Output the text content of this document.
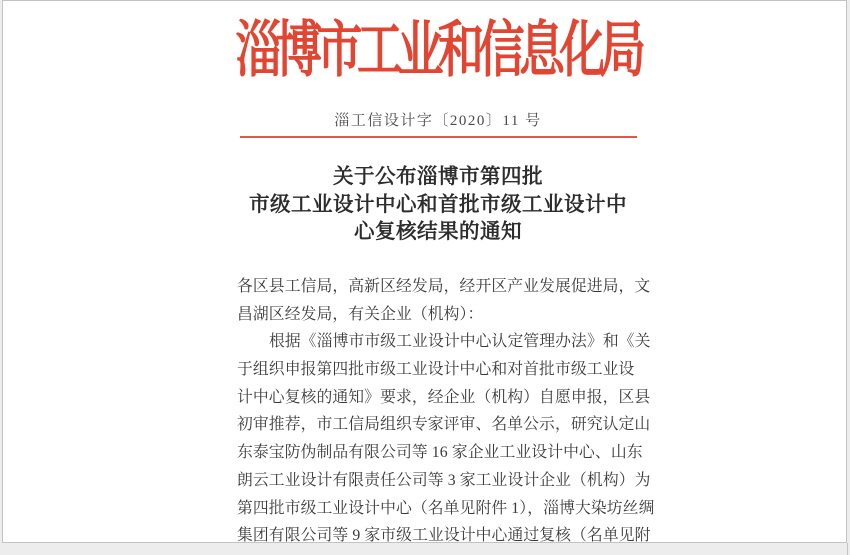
淄博市工业和信息化局
淄工信设计字〔2020〕11 号
关于公布淄博市第四批
市级工业设计中心和首批市级工业设计中
心复核结果的通知
各区县工信局，高新区经发局，经开区产业发展促进局，文
昌湖区经发局，有关企业（机构）：
根据《淄博市市级工业设计中心认定管理办法》和《关
于组织申报第四批市级工业设计中心和对首批市级工业设
计中心复核的通知》要求，经企业（机构）自愿申报，区县
初审推荐，市工信局组织专家评审、名单公示，研究认定山
东泰宝防伪制品有限公司等 16 家企业工业设计中心、山东
朗云工业设计有限责任公司等 3 家工业设计企业（机构）为
第四批市级工业设计中心（名单见附件 1），淄博大染坊丝绸
集团有限公司等 9 家市级工业设计中心通过复核（名单见附
